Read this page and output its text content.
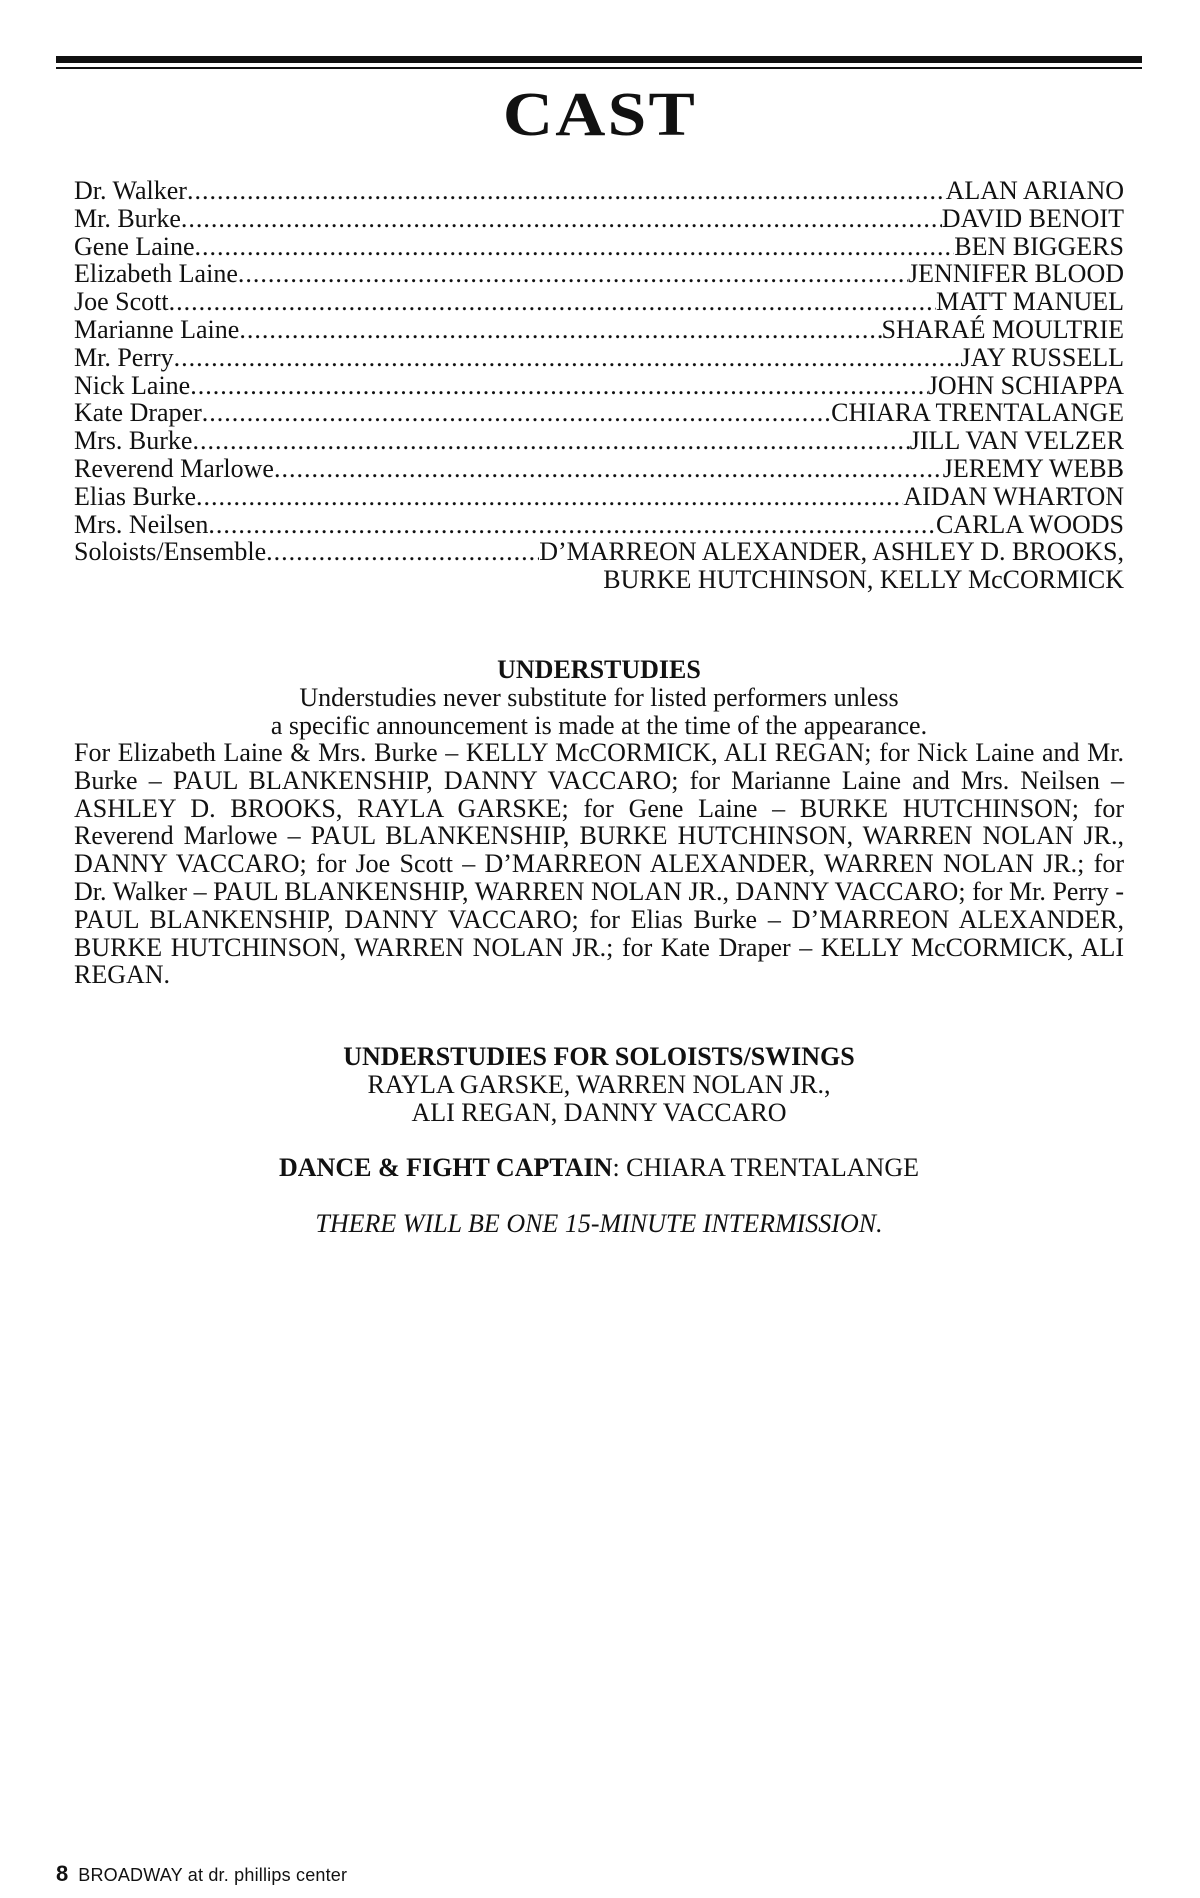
CAST
Dr. Walker .....	ALAN ARIANO
Mr. Burke .....	DAVID BENOIT
Gene Laine .....	BEN BIGGERS
Elizabeth Laine .....	JENNIFER BLOOD
Joe Scott .....	MATT MANUEL
Marianne Laine .....	SHARAÉ MOULTRIE
Mr. Perry .....	JAY RUSSELL
Nick Laine .....	JOHN SCHIAPPA
Kate Draper .....	CHIARA TRENTALANGE
Mrs. Burke .....	JILL VAN VELZER
Reverend Marlowe .....	JEREMY WEBB
Elias Burke .....	AIDAN WHARTON
Mrs. Neilsen .....	CARLA WOODS
Soloists/Ensemble .....	D’MARREON ALEXANDER, ASHLEY D. BROOKS,
BURKE HUTCHINSON, KELLY McCORMICK
UNDERSTUDIES
Understudies never substitute for listed performers unless
a specific announcement is made at the time of the appearance.
For Elizabeth Laine & Mrs. Burke – KELLY McCORMICK, ALI REGAN; for Nick Laine and Mr. Burke – PAUL BLANKENSHIP, DANNY VACCARO; for Marianne Laine and Mrs. Neilsen – ASHLEY D. BROOKS, RAYLA GARSKE; for Gene Laine – BURKE HUTCHINSON; for Reverend Marlowe – PAUL BLANKENSHIP, BURKE HUTCHINSON, WARREN NOLAN JR., DANNY VACCARO; for Joe Scott – D’MARREON ALEXANDER, WARREN NOLAN JR.; for Dr. Walker – PAUL BLANKENSHIP, WARREN NOLAN JR., DANNY VACCARO; for Mr. Perry - PAUL BLANKENSHIP, DANNY VACCARO; for Elias Burke – D’MARREON ALEXANDER, BURKE HUTCHINSON, WARREN NOLAN JR.; for Kate Draper – KELLY McCORMICK, ALI REGAN.
UNDERSTUDIES FOR SOLOISTS/SWINGS
RAYLA GARSKE, WARREN NOLAN JR.,
ALI REGAN, DANNY VACCARO
DANCE & FIGHT CAPTAIN: CHIARA TRENTALANGE
THERE WILL BE ONE 15-MINUTE INTERMISSION.
8 BROADWAY at dr. phillips center
